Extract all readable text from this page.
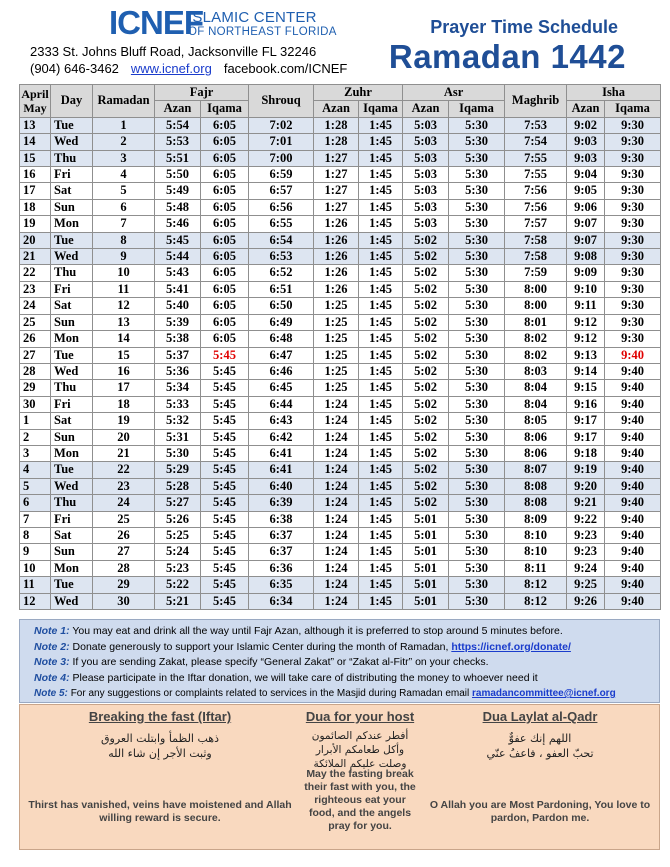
ICNEF
ISLAMIC CENTER
OF NORTHEAST FLORIDA
2333 St. Johns Bluff Road, Jacksonville FL 32246
(904) 646-3462 www.icnef.org facebook.com/ICNEF
Prayer Time Schedule
Ramadan 1442
April May	Day	Ramadan	Fajr		Shrouq	Zuhr		Asr		Maghrib	Isha	
			Azan	Iqama		Azan	Iqama	Azan	Iqama		Azan	Iqama
13	Tue	1	5:54	6:05	7:02	1:28	1:45	5:03	5:30	7:53	9:02	9:30
14	Wed	2	5:53	6:05	7:01	1:28	1:45	5:03	5:30	7:54	9:03	9:30
15	Thu	3	5:51	6:05	7:00	1:27	1:45	5:03	5:30	7:55	9:03	9:30
16	Fri	4	5:50	6:05	6:59	1:27	1:45	5:03	5:30	7:55	9:04	9:30
17	Sat	5	5:49	6:05	6:57	1:27	1:45	5:03	5:30	7:56	9:05	9:30
18	Sun	6	5:48	6:05	6:56	1:27	1:45	5:03	5:30	7:56	9:06	9:30
19	Mon	7	5:46	6:05	6:55	1:26	1:45	5:03	5:30	7:57	9:07	9:30
20	Tue	8	5:45	6:05	6:54	1:26	1:45	5:02	5:30	7:58	9:07	9:30
21	Wed	9	5:44	6:05	6:53	1:26	1:45	5:02	5:30	7:58	9:08	9:30
22	Thu	10	5:43	6:05	6:52	1:26	1:45	5:02	5:30	7:59	9:09	9:30
23	Fri	11	5:41	6:05	6:51	1:26	1:45	5:02	5:30	8:00	9:10	9:30
24	Sat	12	5:40	6:05	6:50	1:25	1:45	5:02	5:30	8:00	9:11	9:30
25	Sun	13	5:39	6:05	6:49	1:25	1:45	5:02	5:30	8:01	9:12	9:30
26	Mon	14	5:38	6:05	6:48	1:25	1:45	5:02	5:30	8:02	9:12	9:30
27	Tue	15	5:37	5:45	6:47	1:25	1:45	5:02	5:30	8:02	9:13	9:40
28	Wed	16	5:36	5:45	6:46	1:25	1:45	5:02	5:30	8:03	9:14	9:40
29	Thu	17	5:34	5:45	6:45	1:25	1:45	5:02	5:30	8:04	9:15	9:40
30	Fri	18	5:33	5:45	6:44	1:24	1:45	5:02	5:30	8:04	9:16	9:40
1	Sat	19	5:32	5:45	6:43	1:24	1:45	5:02	5:30	8:05	9:17	9:40
2	Sun	20	5:31	5:45	6:42	1:24	1:45	5:02	5:30	8:06	9:17	9:40
3	Mon	21	5:30	5:45	6:41	1:24	1:45	5:02	5:30	8:06	9:18	9:40
4	Tue	22	5:29	5:45	6:41	1:24	1:45	5:02	5:30	8:07	9:19	9:40
5	Wed	23	5:28	5:45	6:40	1:24	1:45	5:02	5:30	8:08	9:20	9:40
6	Thu	24	5:27	5:45	6:39	1:24	1:45	5:02	5:30	8:08	9:21	9:40
7	Fri	25	5:26	5:45	6:38	1:24	1:45	5:01	5:30	8:09	9:22	9:40
8	Sat	26	5:25	5:45	6:37	1:24	1:45	5:01	5:30	8:10	9:23	9:40
9	Sun	27	5:24	5:45	6:37	1:24	1:45	5:01	5:30	8:10	9:23	9:40
10	Mon	28	5:23	5:45	6:36	1:24	1:45	5:01	5:30	8:11	9:24	9:40
11	Tue	29	5:22	5:45	6:35	1:24	1:45	5:01	5:30	8:12	9:25	9:40
12	Wed	30	5:21	5:45	6:34	1:24	1:45	5:01	5:30	8:12	9:26	9:40
Note 1: You may eat and drink all the way until Fajr Azan, although it is preferred to stop around 5 minutes before.
Note 2: Donate generously to support your Islamic Center during the month of Ramadan, https://icnef.org/donate/
Note 3: If you are sending Zakat, please specify “General Zakat” or “Zakat al-Fitr” on your checks.
Note 4: Please participate in the Iftar donation, we will take care of distributing the money to whoever need it
Note 5: For any suggestions or complaints related to services in the Masjid during Ramadan email ramadancommittee@icnef.org
Breaking the fast (Iftar)
ذهب الظمأ وابتلت العروق
وثبت الأجر إن شاء الله
Thirst has vanished, veins have moistened and Allah willing reward is secure.
Dua for your host
أفطر عندكم الصائمون
وأكل طعامكم الأبرار
وصلت عليكم الملائكة
May the fasting break their fast with you, the righteous eat your food, and the angels pray for you.
Dua Laylat al-Qadr
اللهم إنك عفوٌّ
تحبّ العفو ، فاعفُ عنّي
O Allah you are Most Pardoning, You love to pardon, Pardon me.
